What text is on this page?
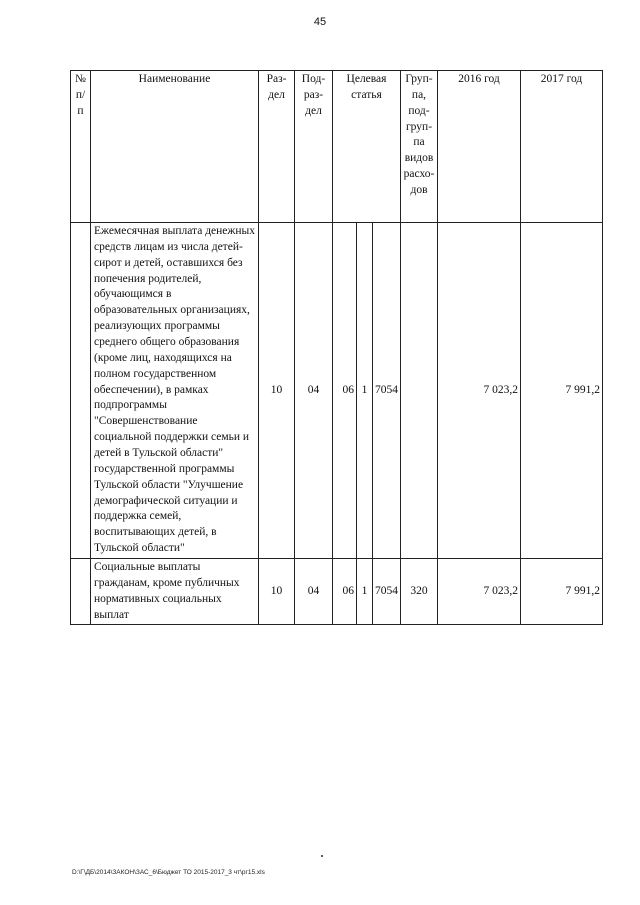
45
№ п/п	Наименование	Раз- дел	Под- раз- дел	Целевая статья			Груп- па, под- груп- па видов расхо- дов	2016 год	2017 год
	Ежемесячная выплата денежных средств лицам из числа детей-сирот и детей, оставшихся без попечения родителей, обучающимся в образовательных организациях, реализующих программы среднего общего образования (кроме лиц, находящихся на полном государственном обеспечении), в рамках подпрограммы "Совершенствование социальной поддержки семьи и детей в Тульской области" государственной программы Тульской области "Улучшение демографической ситуации и поддержка семей, воспитывающих детей, в Тульской области"	10	04	06	1	7054		7 023,2	7 991,2
	Социальные выплаты гражданам, кроме публичных нормативных социальных выплат	10	04	06	1	7054	320	7 023,2	7 991,2
D:\Г\ДБ\2014\ЗАКОН\ЗАС_6\Бюджет ТО 2015-2017_3 чт\рг15.xls
